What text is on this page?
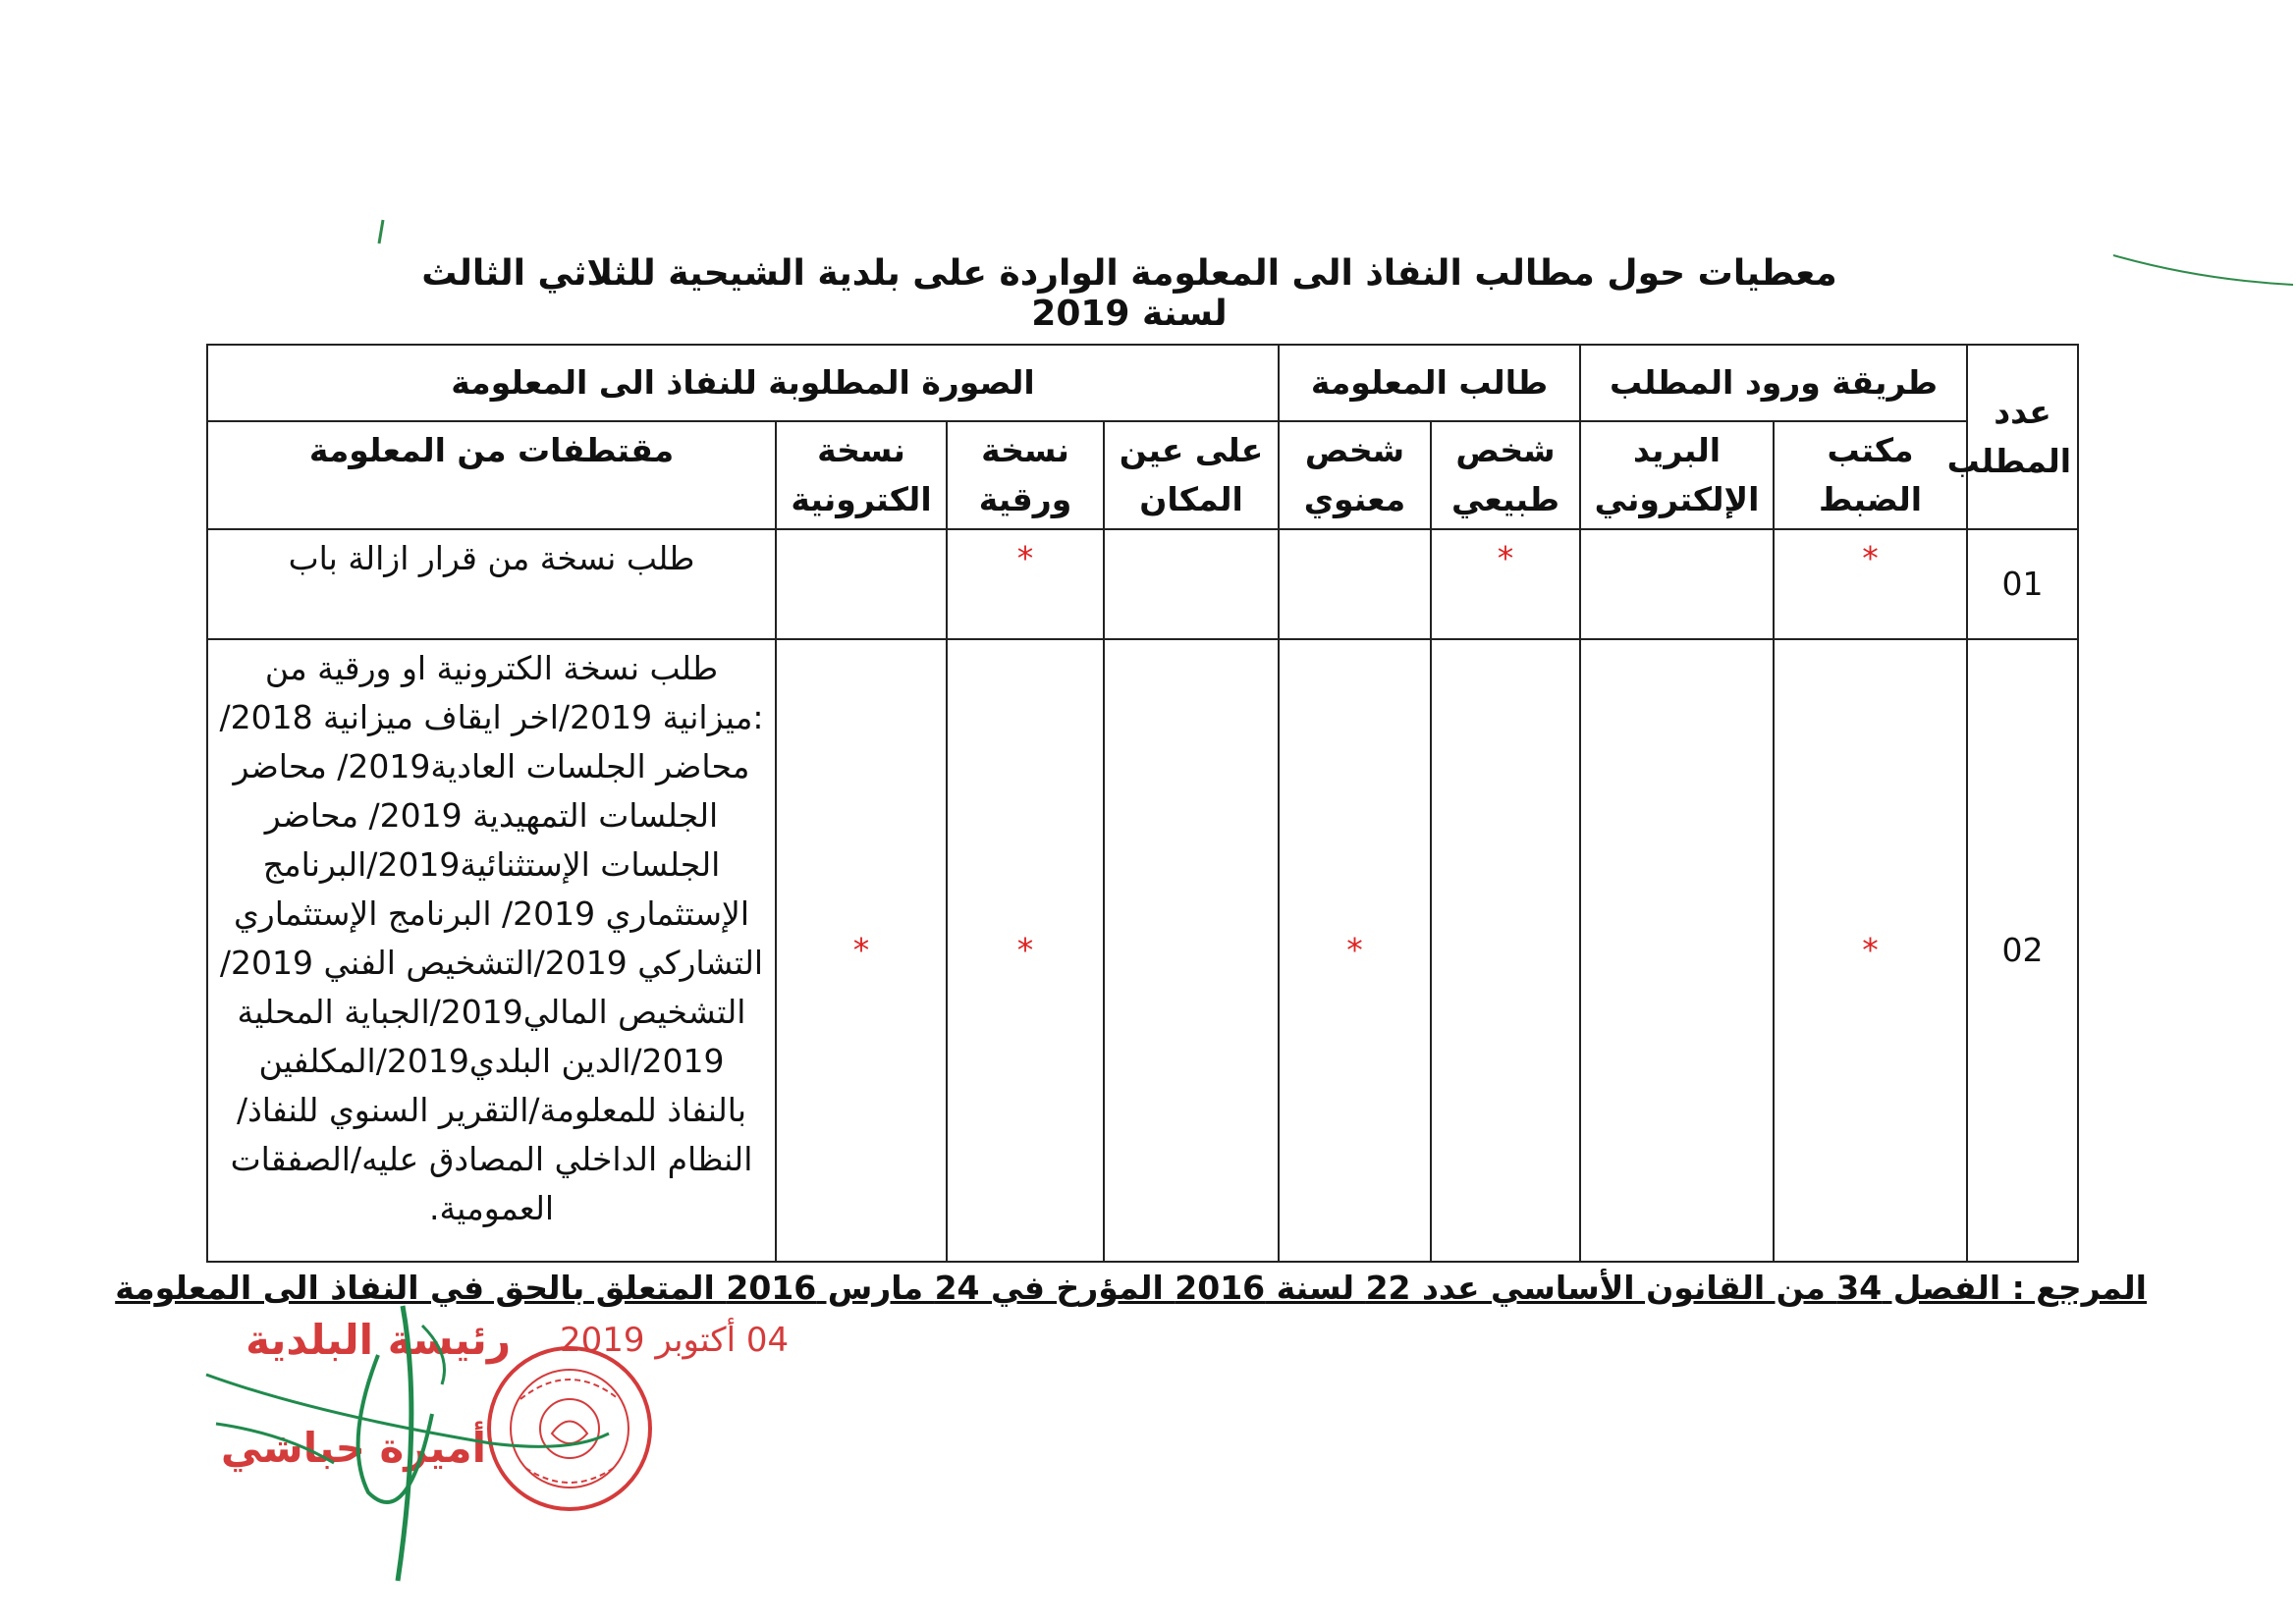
معطيات حول مطالب النفاذ الى المعلومة الواردة على بلدية الشيحية للثلاثي الثالث لسنة 2019
عدد المطلب	طريقة ورود المطلب		طالب المعلومة		الصورة المطلوبة للنفاذ الى المعلومة			
	مكتب الضبط	البريد الإلكتروني	شخص طبيعي	شخص معنوي	على عين المكان	نسخة ورقية	نسخة الكترونية	مقتطفات من المعلومة
01	*		*			*		طلب نسخة من قرار ازالة باب
02	*			*		*	*	طلب نسخة الكترونية او ورقية من :ميزانية 2019/اخر ايقاف ميزانية 2018/محاضر الجلسات العادية2019/ محاضر الجلسات التمهيدية 2019/ محاضر الجلسات الإستثنائية2019/البرنامج الإستثماري 2019/ البرنامج الإستثماري التشاركي 2019/التشخيص الفني 2019/التشخيص المالي2019/الجباية المحلية 2019/الدين البلدي2019/المكلفين بالنفاذ للمعلومة/التقرير السنوي للنفاذ/النظام الداخلي المصادق عليه/الصفقات العمومية.
المرجع : الفصل 34 من القانون الأساسي عدد 22 لسنة 2016 المؤرخ في 24 مارس 2016 المتعلق بالحق في النفاذ الى المعلومة
رئيسة البلدية
أميرة حباشي
04 أكتوبر 2019
